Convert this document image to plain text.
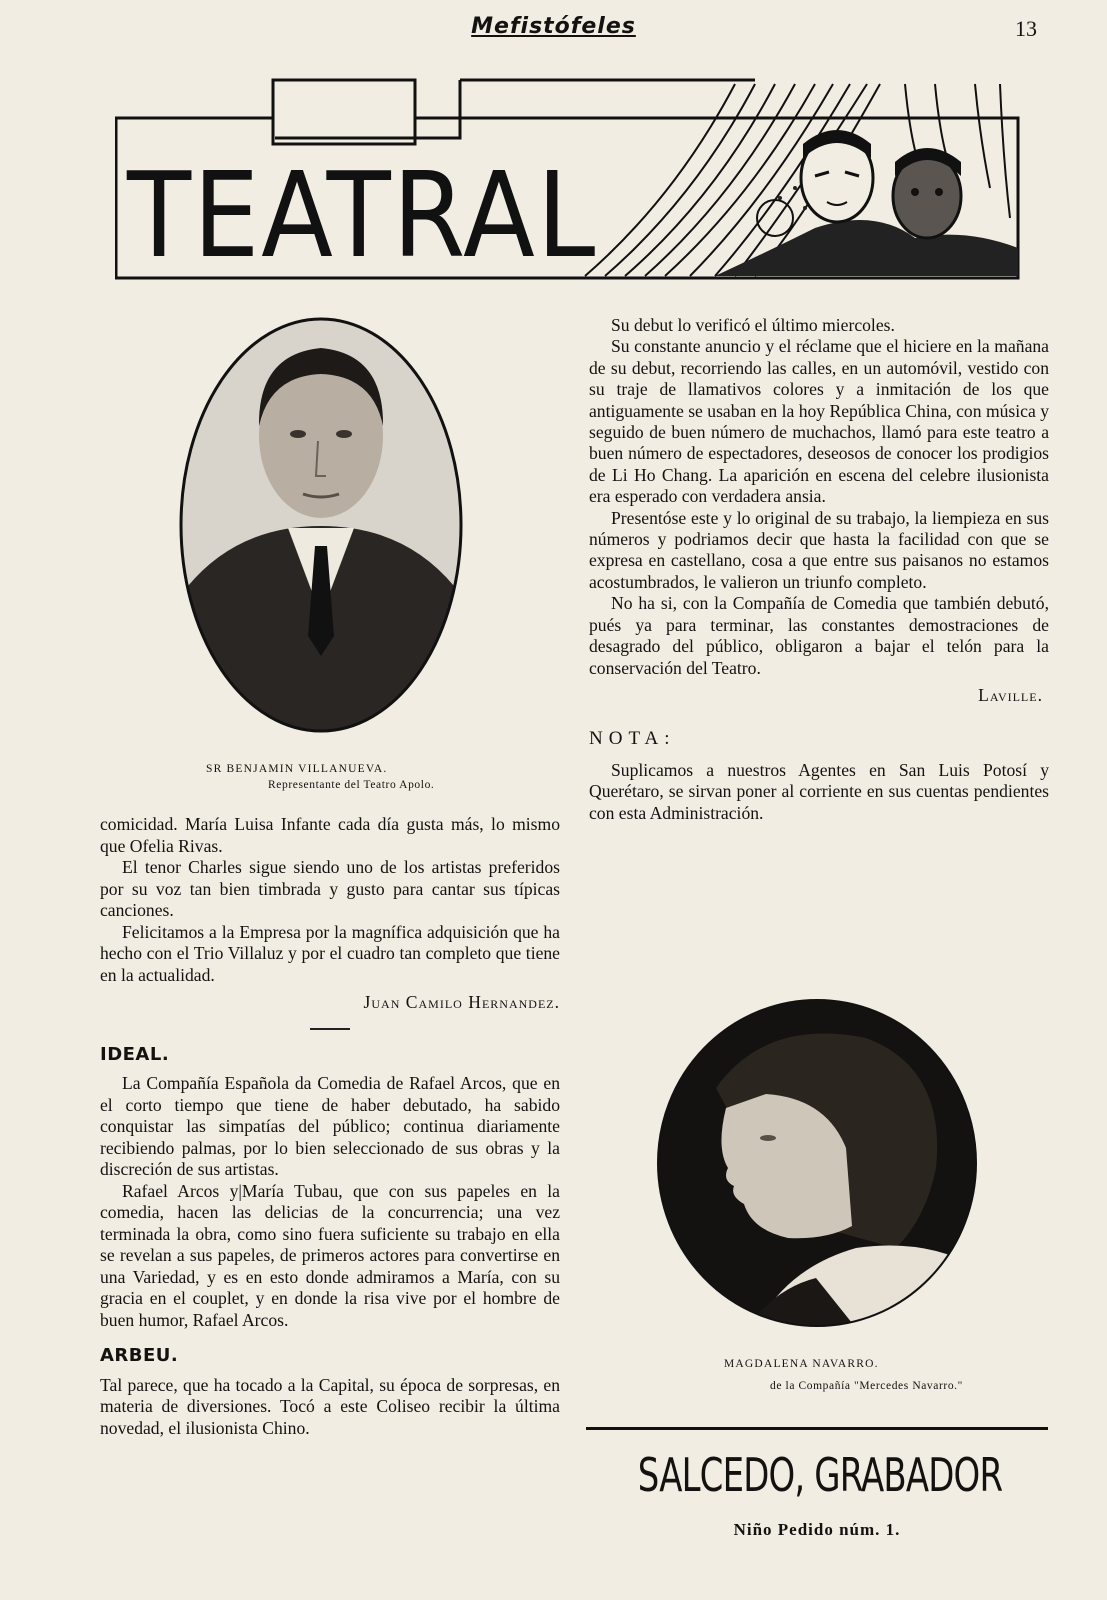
Mefistófeles	13
TEATRAL
SR BENJAMIN VILLANUEVA.
Representante del Teatro Apolo.

comicidad. María Luisa Infante cada día gusta más, lo mismo que Ofelia Rivas.

El tenor Charles sigue siendo uno de los artistas preferidos por su voz tan bien timbrada y gusto para cantar sus típicas canciones.

Felicitamos a la Empresa por la magnífica adquisición que ha hecho con el Trio Villaluz y por el cuadro tan completo que tiene en la actualidad.

Juan Camilo Hernandez.
IDEAL.

La Compañía Española da Comedia de Rafael Arcos, que en el corto tiempo que tiene de haber debutado, ha sabido conquistar las simpatías del público; continua diariamente recibiendo palmas, por lo bien seleccionado de sus obras y la discreción de sus artistas.

Rafael Arcos y|María Tubau, que con sus papeles en la comedia, hacen las delicias de la concurrencia; una vez terminada la obra, como sino fuera suficiente su trabajo en ella se revelan a sus papeles, de primeros actores para convertirse en una Variedad, y es en esto donde admiramos a María, con su gracia en el couplet, y en donde la risa vive por el hombre de buen humor, Rafael Arcos.

ARBEU.

Tal parece, que ha tocado a la Capital, su época de sorpresas, en materia de diversiones. Tocó a este Coliseo recibir la última novedad, el ilusionista Chino.

Su debut lo verificó el último miercoles.

Su constante anuncio y el réclame que el hiciere en la mañana de su debut, recorriendo las calles, en un automóvil, vestido con su traje de llamativos colores y a inmitación de los que antiguamente se usaban en la hoy República China, con música y seguido de buen número de muchachos, llamó para este teatro a buen número de espectadores, deseosos de conocer los prodigios de Li Ho Chang. La aparición en escena del celebre ilusionista era esperado con verdadera ansia.

Presentóse este y lo original de su trabajo, la liempieza en sus números y podriamos decir que hasta la facilidad con que se expresa en castellano, cosa a que entre sus paisanos no estamos acostumbrados, le valieron un triunfo completo.

No ha si, con la Compañía de Comedia que también debutó, pués ya para terminar, las constantes demostraciones de desagrado del público, obligaron a bajar el telón para la conservación del Teatro.

Laville.
NOTA:

Suplicamos a nuestros Agentes en San Luis Potosí y Querétaro, se sirvan poner al corriente en sus cuentas pendientes con esta Administración.

MAGDALENA NAVARRO.
de la Compañía "Mercedes Navarro."
SALCEDO, GRABADOR
Niño Pedido núm. 1.
